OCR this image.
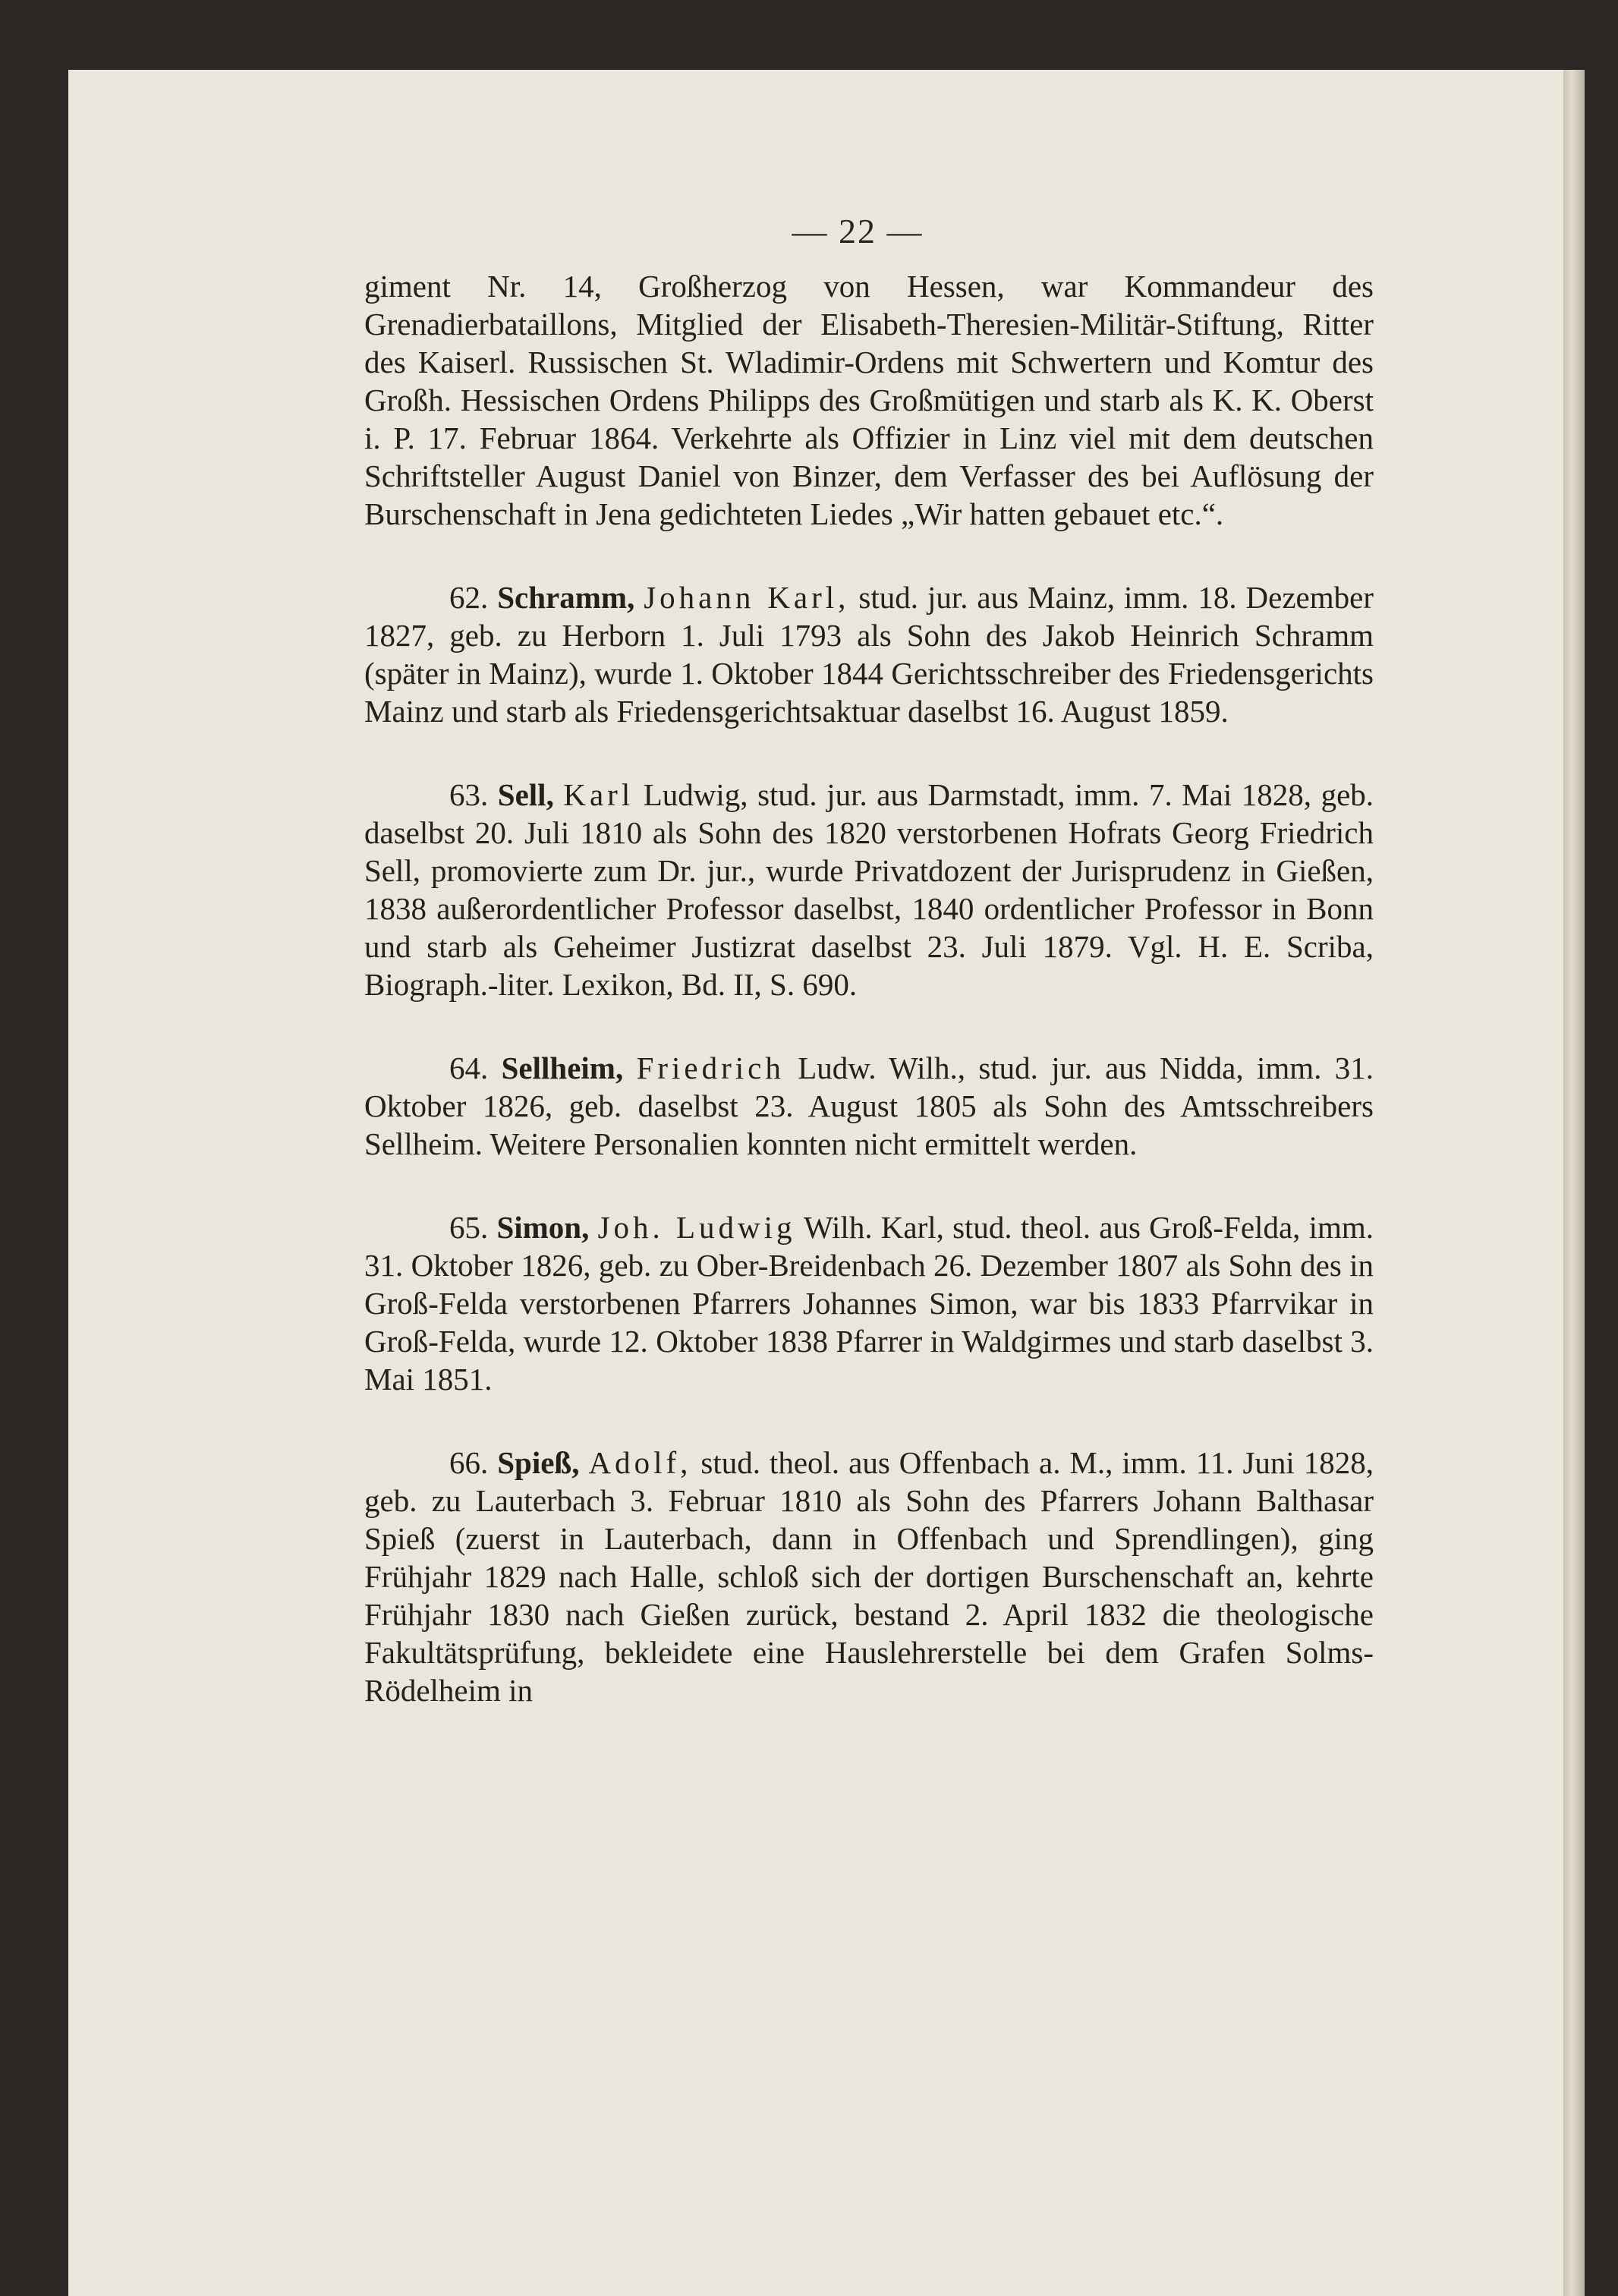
— 22 —

giment Nr. 14, Großherzog von Hessen, war Kommandeur des Grenadierbataillons, Mitglied der Elisabeth-Theresien-Militär-Stiftung, Ritter des Kaiserl. Russischen St. Wladimir-Ordens mit Schwertern und Komtur des Großh. Hessischen Ordens Philipps des Großmütigen und starb als K. K. Oberst i. P. 17. Februar 1864. Verkehrte als Offizier in Linz viel mit dem deutschen Schriftsteller August Daniel von Binzer, dem Verfasser des bei Auflösung der Burschenschaft in Jena gedichteten Liedes „Wir hatten gebauet etc.“.

62. Schramm, Johann Karl, stud. jur. aus Mainz, imm. 18. Dezember 1827, geb. zu Herborn 1. Juli 1793 als Sohn des Jakob Heinrich Schramm (später in Mainz), wurde 1. Oktober 1844 Gerichtsschreiber des Friedensgerichts Mainz und starb als Friedensgerichtsaktuar daselbst 16. August 1859.

63. Sell, Karl Ludwig, stud. jur. aus Darmstadt, imm. 7. Mai 1828, geb. daselbst 20. Juli 1810 als Sohn des 1820 verstorbenen Hofrats Georg Friedrich Sell, promovierte zum Dr. jur., wurde Privatdozent der Jurisprudenz in Gießen, 1838 außerordentlicher Professor daselbst, 1840 ordentlicher Professor in Bonn und starb als Geheimer Justizrat daselbst 23. Juli 1879. Vgl. H. E. Scriba, Biograph.-liter. Lexikon, Bd. II, S. 690.

64. Sellheim, Friedrich Ludw. Wilh., stud. jur. aus Nidda, imm. 31. Oktober 1826, geb. daselbst 23. August 1805 als Sohn des Amtsschreibers Sellheim. Weitere Personalien konnten nicht ermittelt werden.

65. Simon, Joh. Ludwig Wilh. Karl, stud. theol. aus Groß-Felda, imm. 31. Oktober 1826, geb. zu Ober-Breidenbach 26. Dezember 1807 als Sohn des in Groß-Felda verstorbenen Pfarrers Johannes Simon, war bis 1833 Pfarrvikar in Groß-Felda, wurde 12. Oktober 1838 Pfarrer in Waldgirmes und starb daselbst 3. Mai 1851.

66. Spieß, Adolf, stud. theol. aus Offenbach a. M., imm. 11. Juni 1828, geb. zu Lauterbach 3. Februar 1810 als Sohn des Pfarrers Johann Balthasar Spieß (zuerst in Lauterbach, dann in Offenbach und Sprendlingen), ging Frühjahr 1829 nach Halle, schloß sich der dortigen Burschenschaft an, kehrte Frühjahr 1830 nach Gießen zurück, bestand 2. April 1832 die theologische Fakultätsprüfung, bekleidete eine Hauslehrerstelle bei dem Grafen Solms-Rödelheim in
